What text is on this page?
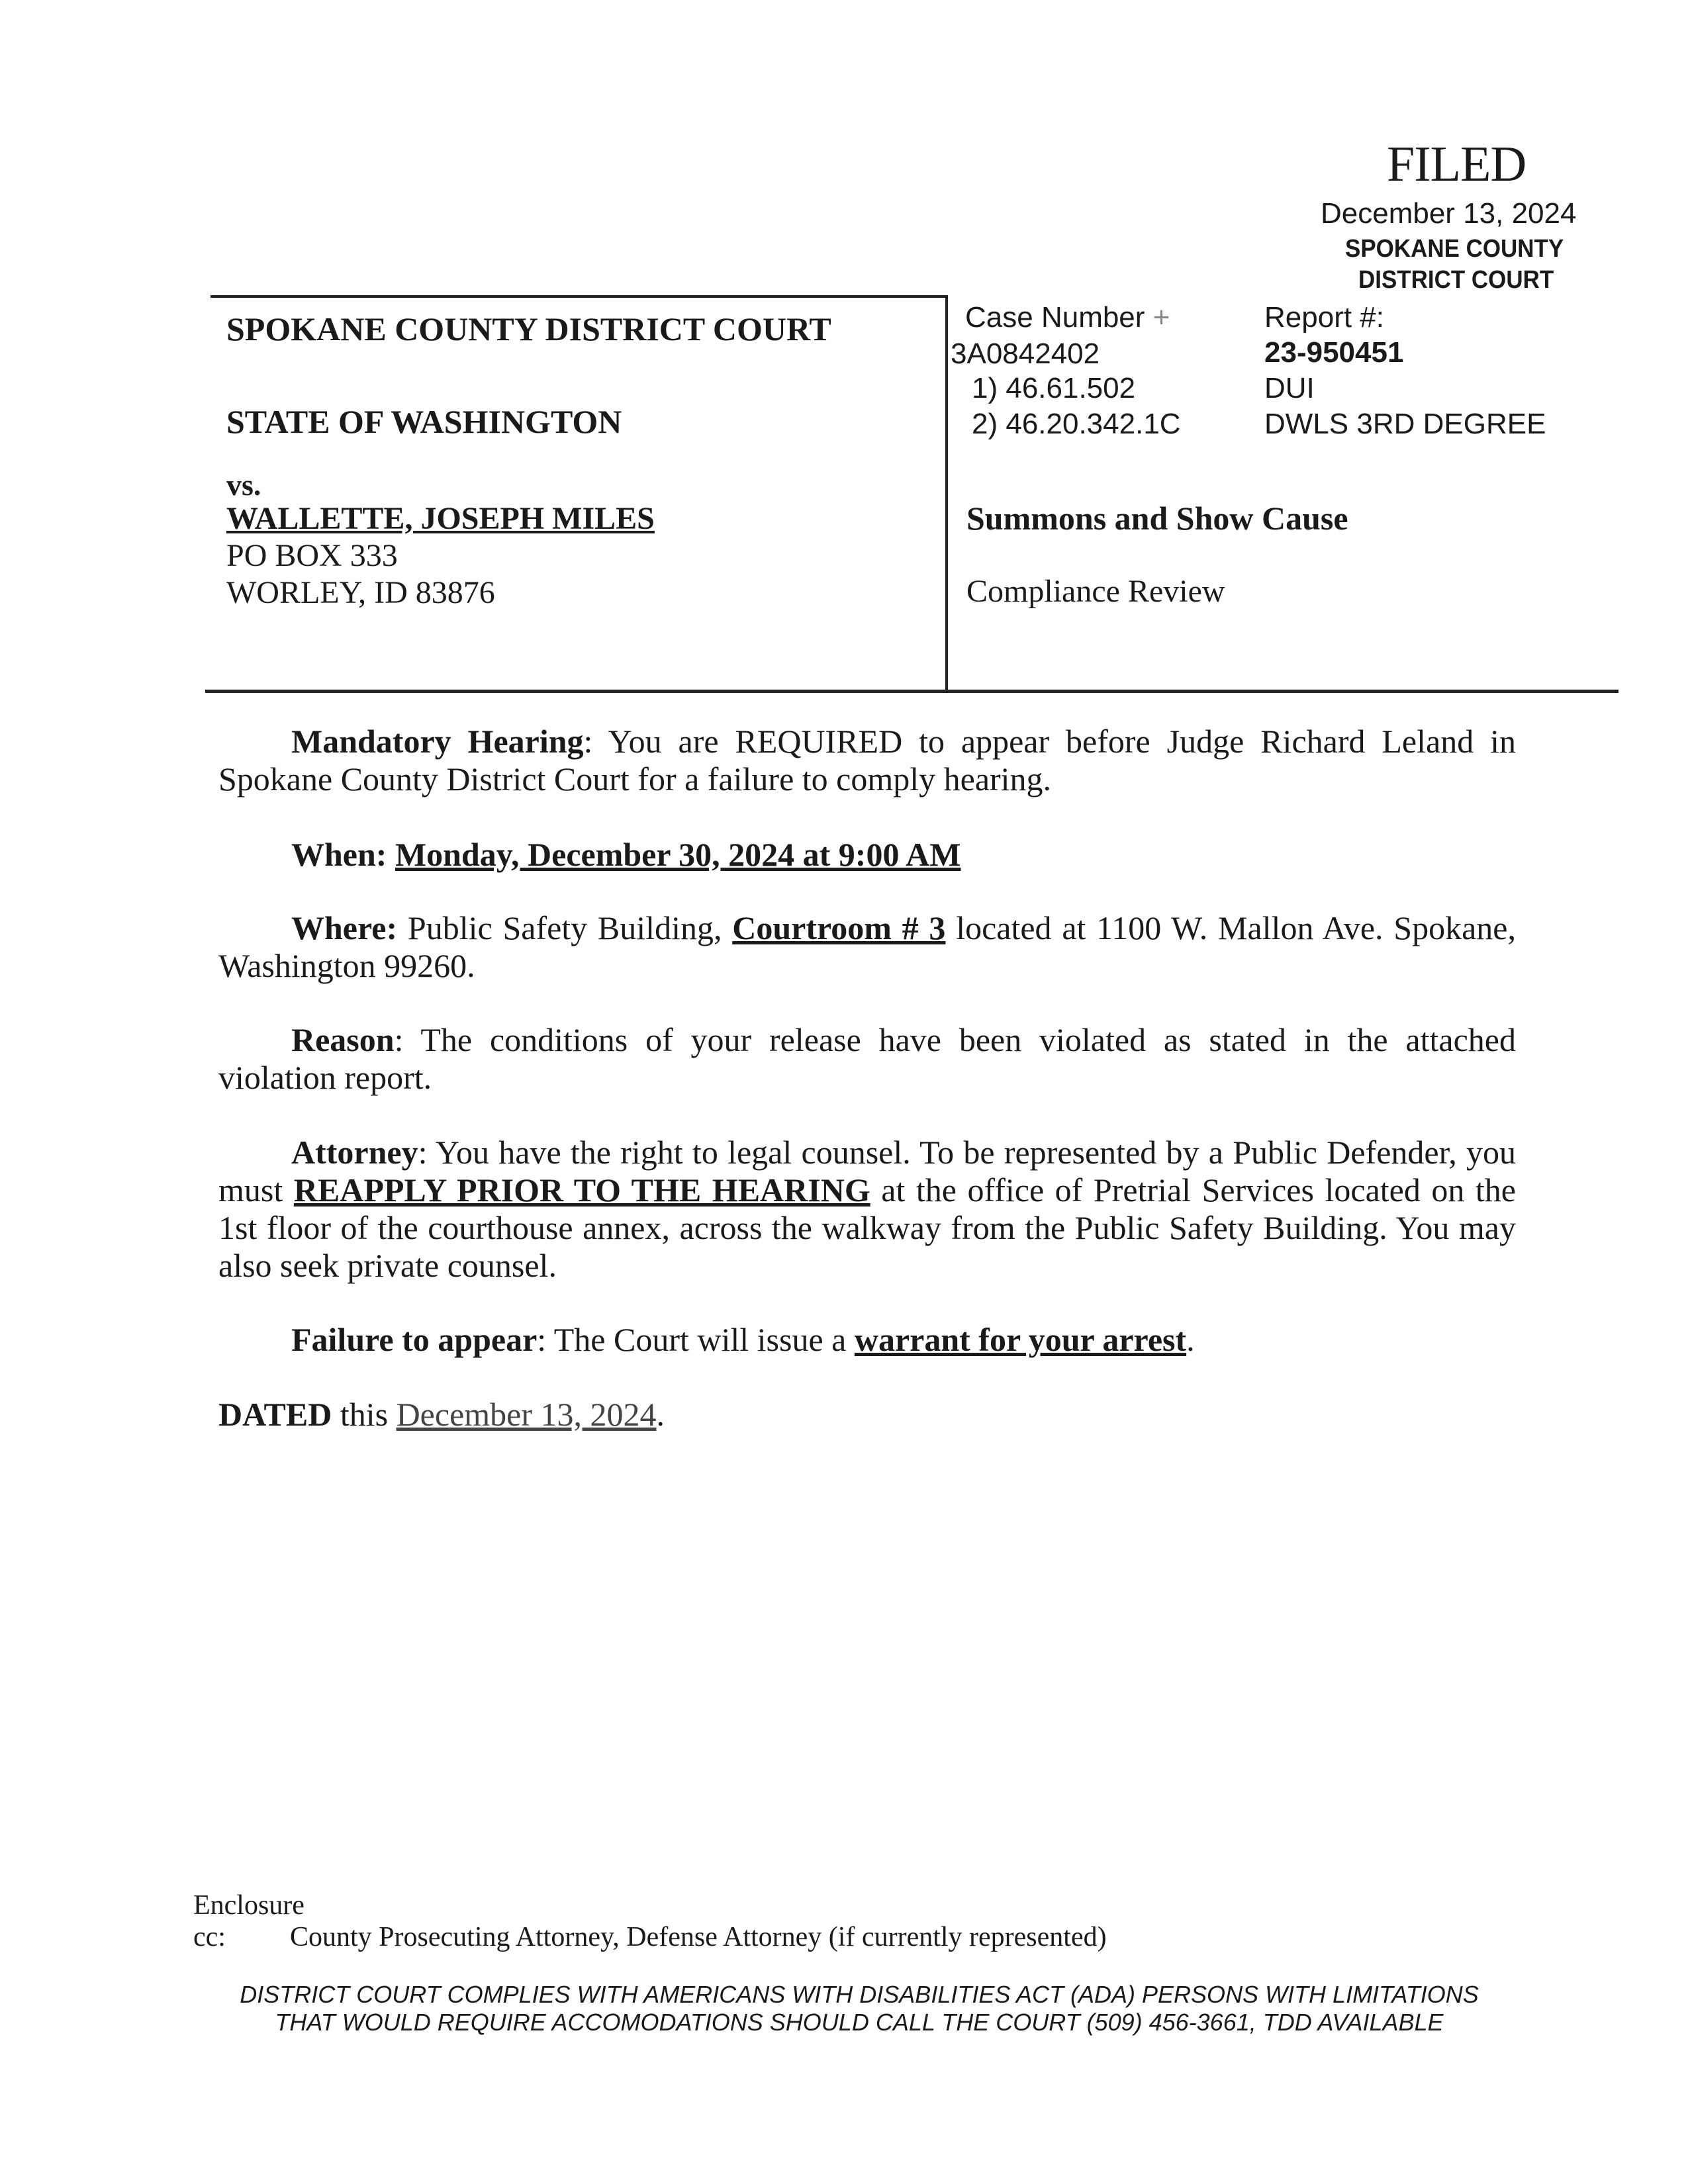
FILED
December 13, 2024
SPOKANE COUNTY
DISTRICT COURT
SPOKANE COUNTY DISTRICT COURT
STATE OF WASHINGTON
vs.
WALLETTE, JOSEPH MILES
PO BOX 333
WORLEY, ID 83876
Case Number +
3A0842402
1) 46.61.502
2) 46.20.342.1C
Report #:
23-950451
DUI
DWLS 3RD DEGREE
Summons and Show Cause
Compliance Review

Mandatory Hearing: You are REQUIRED to appear before Judge Richard Leland in Spokane County District Court for a failure to comply hearing.

When: Monday, December 30, 2024 at 9:00 AM

Where: Public Safety Building, Courtroom # 3 located at 1100 W. Mallon Ave. Spokane, Washington 99260.

Reason: The conditions of your release have been violated as stated in the attached violation report.

Attorney: You have the right to legal counsel. To be represented by a Public Defender, you must REAPPLY PRIOR TO THE HEARING at the office of Pretrial Services located on the 1st floor of the courthouse annex, across the walkway from the Public Safety Building. You may also seek private counsel.

Failure to appear: The Court will issue a warrant for your arrest.
DATED this December 13, 2024.
Enclosure
cc: County Prosecuting Attorney, Defense Attorney (if currently represented)
DISTRICT COURT COMPLIES WITH AMERICANS WITH DISABILITIES ACT (ADA) PERSONS WITH LIMITATIONS
THAT WOULD REQUIRE ACCOMODATIONS SHOULD CALL THE COURT (509) 456-3661, TDD AVAILABLE
